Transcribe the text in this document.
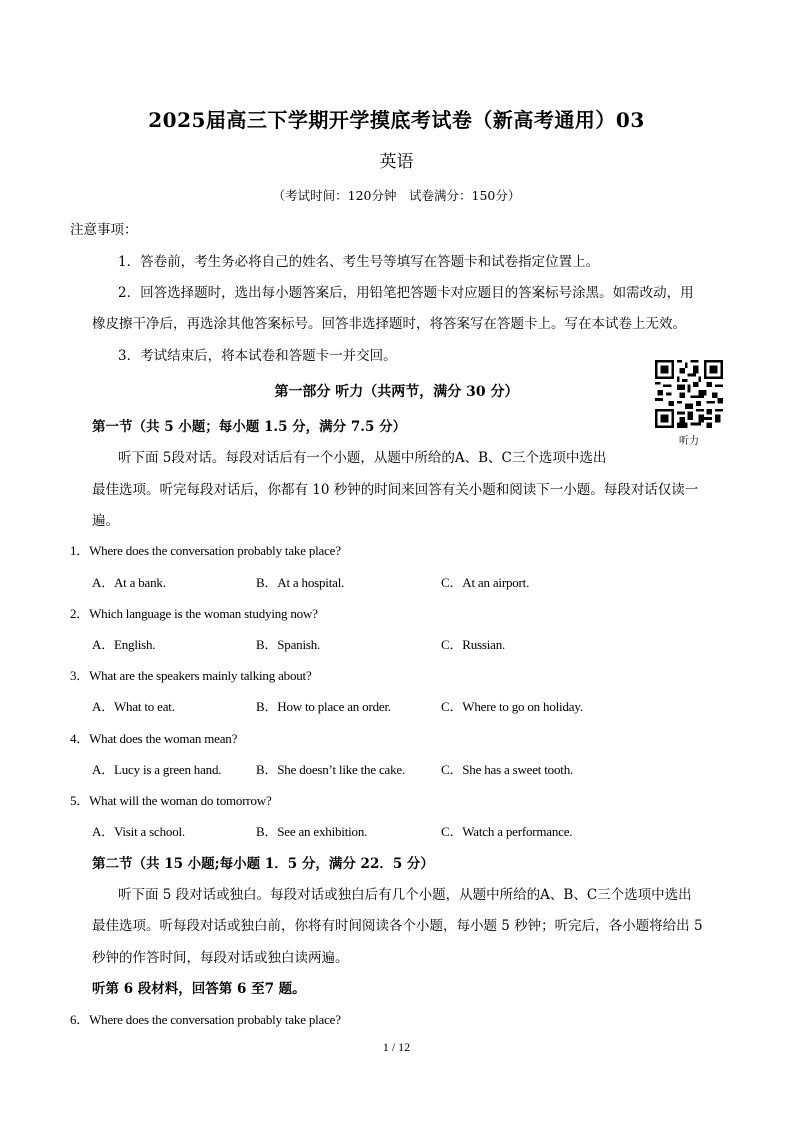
2025届高三下学期开学摸底考试卷（新高考通用）03
英语
（考试时间：120分钟　试卷满分：150分）
注意事项：
1．答卷前，考生务必将自己的姓名、考生号等填写在答题卡和试卷指定位置上。
2．回答选择题时，选出每小题答案后，用铅笔把答题卡对应题目的答案标号涂黑。如需改动，用
橡皮擦干净后，再选涂其他答案标号。回答非选择题时，将答案写在答题卡上。写在本试卷上无效。
3．考试结束后，将本试卷和答题卡一并交回。
第一部分 听力（共两节，满分 30 分）
听力
第一节（共 5 小题；每小题 1.5 分，满分 7.5 分）
听下面 5段对话。每段对话后有一个小题，从题中所给的A、B、C三个选项中选出
最佳选项。听完每段对话后，你都有 10 秒钟的时间来回答有关小题和阅读下一小题。每段对话仅读一
遍。
1．Where does the conversation probably take place?
A．At a bank.	B．At a hospital.	C．At an airport.
2．Which language is the woman studying now?
A．English.	B．Spanish.	C．Russian.
3．What are the speakers mainly talking about?
A．What to eat.	B．How to place an order.	C．Where to go on holiday.
4．What does the woman mean?
A．Lucy is a green hand.	B．She doesn’t like the cake.	C．She has a sweet tooth.
5．What will the woman do tomorrow?
A．Visit a school.	B．See an exhibition.	C．Watch a performance.
第二节（共 15 小题;每小题 1．5 分，满分 22．5 分）
听下面 5 段对话或独白。每段对话或独白后有几个小题，从题中所给的A、B、C三个选项中选出
最佳选项。听每段对话或独白前，你将有时间阅读各个小题，每小题 5 秒钟；听完后，各小题将给出 5
秒钟的作答时间，每段对话或独白读两遍。
听第 6 段材料，回答第 6 至7 题。
6．Where does the conversation probably take place?
1 / 12
